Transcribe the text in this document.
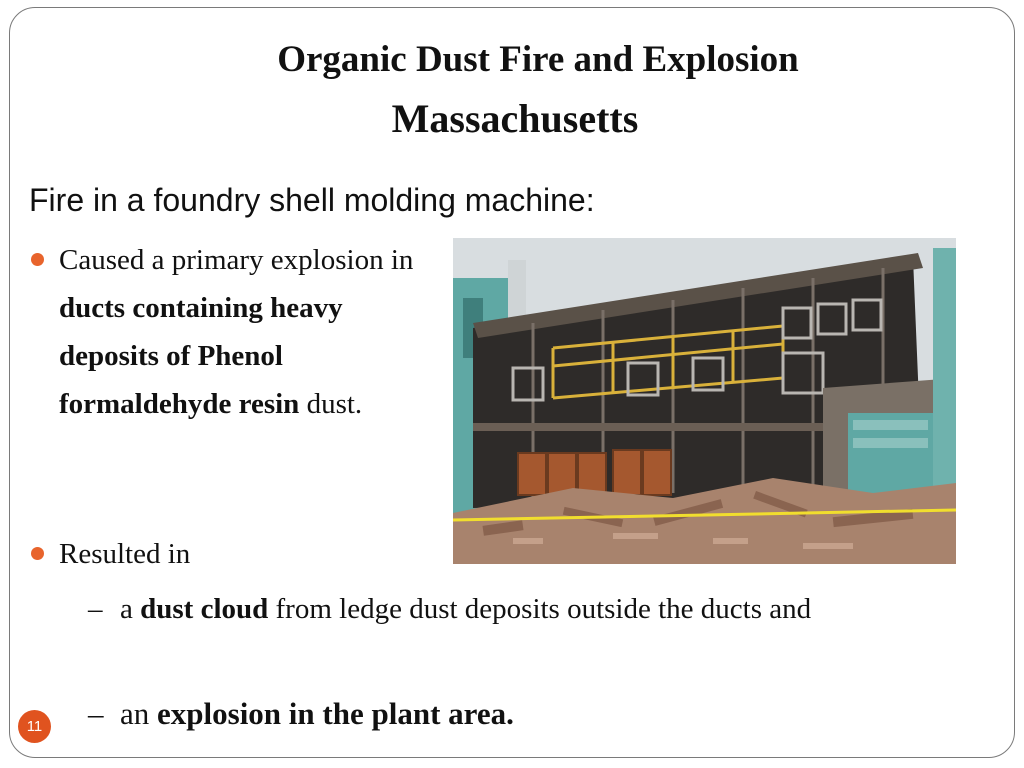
Organic Dust Fire and Explosion
Massachusetts

Fire in a foundry shell molding machine:

Caused a primary explosion in ducts containing heavy deposits of Phenol formaldehyde resin dust.
Resulted in
– a dust cloud from ledge dust deposits outside the ducts and
– an explosion in the plant area.
11
